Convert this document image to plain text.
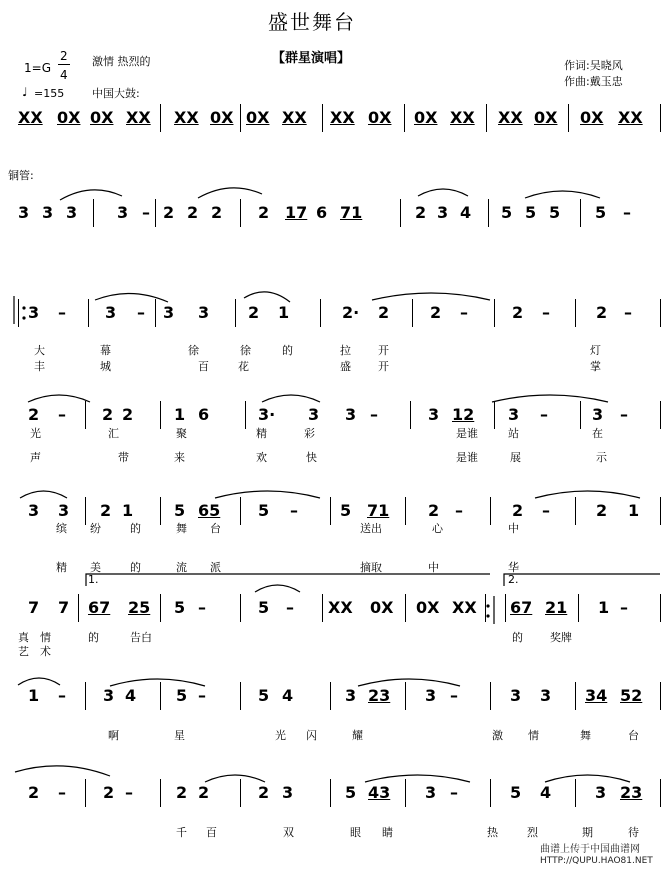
盛世舞台
1=G
2
4
♩ =155
激情 热烈的
中国大鼓:
【群星演唱】	作词:吴晓风
作曲:戴玉忠
铜管:
XX 0X 0X XX XX 0X 0X XX XX 0X 0X XX XX 0X 0X XX
3 3 3 3 – 2 2 2 2 17 6 71	2 3 4 5 5 5 5 –
3 – 3 – 3 3 2 1	2· 2	2 –	2 –	2 –
大	幕	徐	徐	的	拉 开	灯
丰	城	百	花	盛 开	掌
2 – 2 2	1 6	3· 3 3 –	3 12 3 –	3 –
光	汇	聚	精	彩	是谁	站	在
声	带	来	欢	快	是谁	展	示
3 3 2 1	5 65 5 –	5 71 2 –	2 –	2 1
缤 纷	的	舞 台	送出	心	中
精 美	的	流 派	摘取	中	华
7 7 67 25 5 –	5 – XX 0X 0X XX 67 21 1 –
真 情	的	告白	的 奖牌
艺 术
1.	2.
1 – 3 4 5 –	5 4	3 23 3 –	3 3 34 52
啊	星	光 闪	耀	激 情	舞	台
2 – 2 –	2 2	2 3	5 43 3 –	5 4	3 23
千 百	双	眼 睛	热	烈	期	待
曲谱上传于中国曲谱网
HTTP://QUPU.HAO81.NET
